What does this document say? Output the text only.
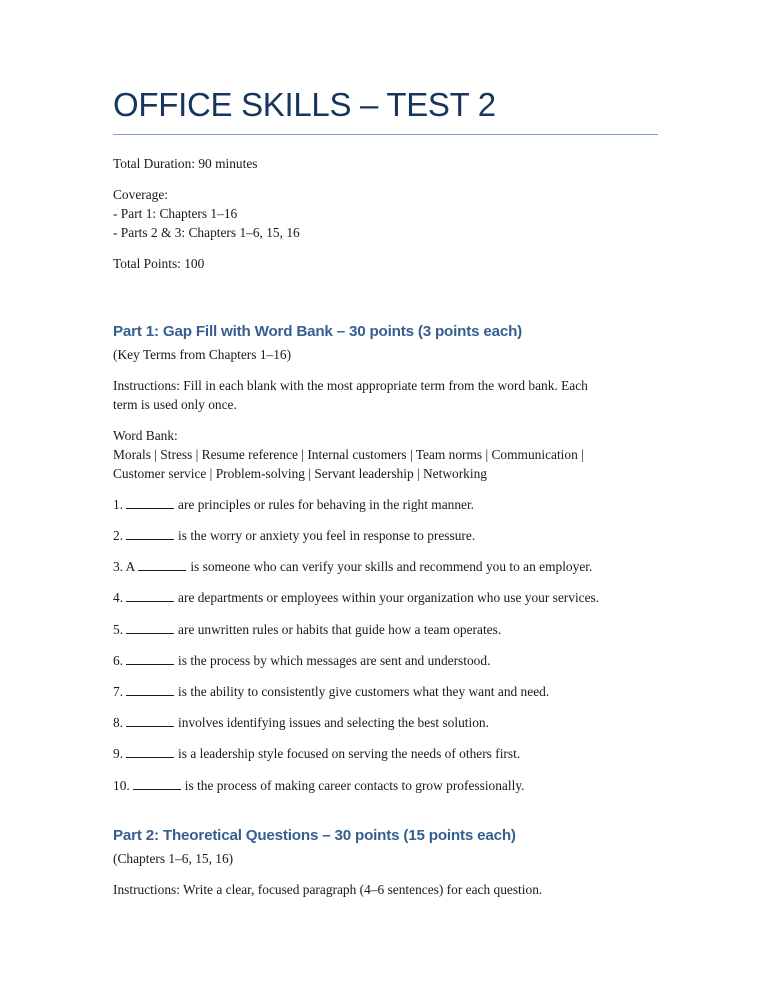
OFFICE SKILLS – TEST 2
Total Duration: 90 minutes
Coverage:
- Part 1: Chapters 1–16
- Parts 2 & 3: Chapters 1–6, 15, 16
Total Points: 100
Part 1: Gap Fill with Word Bank – 30 points (3 points each)
(Key Terms from Chapters 1–16)
Instructions: Fill in each blank with the most appropriate term from the word bank. Each
term is used only once.
Word Bank:
Morals | Stress | Resume reference | Internal customers | Team norms | Communication |
Customer service | Problem-solving | Servant leadership | Networking
1.	are principles or rules for behaving in the right manner.
2.	is the worry or anxiety you feel in response to pressure.
3. A	is someone who can verify your skills and recommend you to an employer.
4.	are departments or employees within your organization who use your services.
5.	are unwritten rules or habits that guide how a team operates.
6.	is the process by which messages are sent and understood.
7.	is the ability to consistently give customers what they want and need.
8.	involves identifying issues and selecting the best solution.
9.	is a leadership style focused on serving the needs of others first.
10.	is the process of making career contacts to grow professionally.
Part 2: Theoretical Questions – 30 points (15 points each)
(Chapters 1–6, 15, 16)
Instructions: Write a clear, focused paragraph (4–6 sentences) for each question.
